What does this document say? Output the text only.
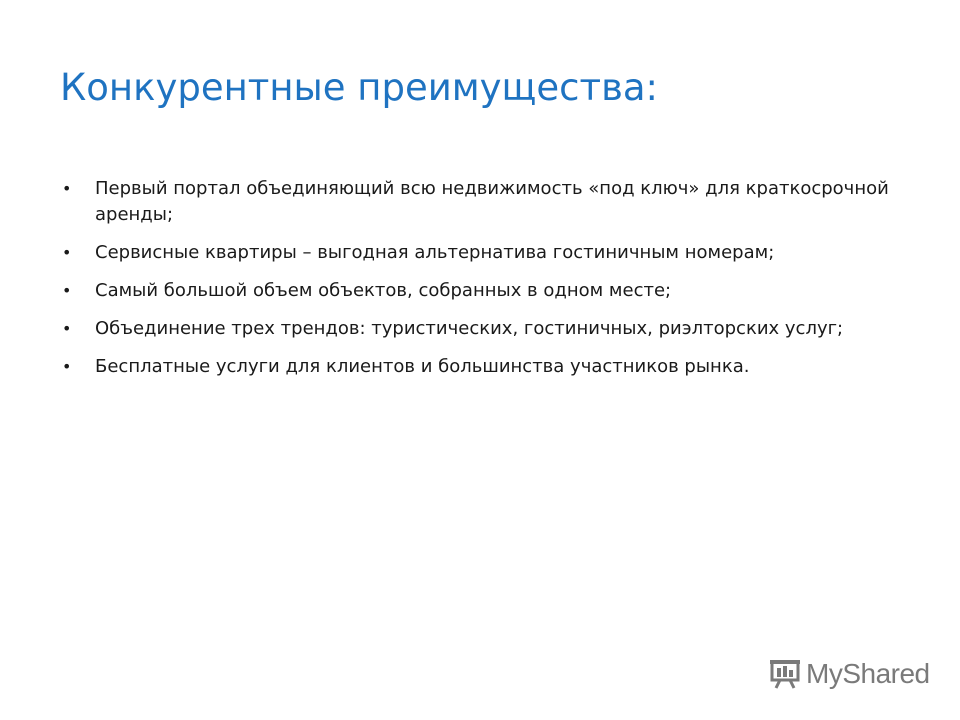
Конкурентные преимущества:
• Первый портал объединяющий всю недвижимость «под ключ» для краткосрочной аренды;
• Сервисные квартиры – выгодная альтернатива гостиничным номерам;
• Самый большой объем объектов, собранных в одном месте;
• Объединение трех трендов: туристических, гостиничных, риэлторских услуг;
• Бесплатные услуги для клиентов и большинства участников рынка.
MyShared
